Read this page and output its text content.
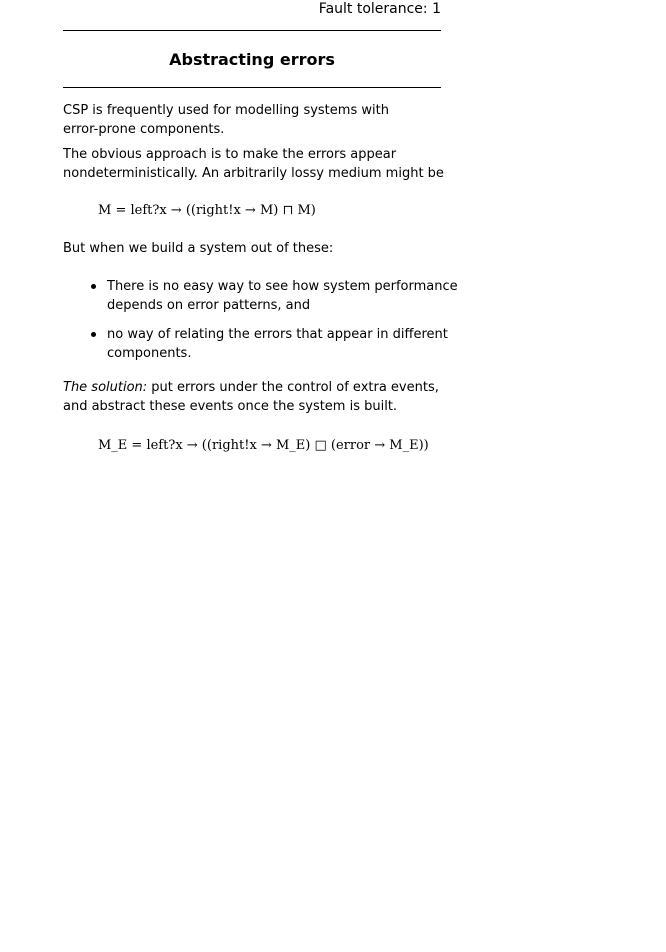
Fault tolerance: 1
Abstracting errors
CSP is frequently used for modelling systems with
error-prone components.
The obvious approach is to make the errors appear
nondeterministically. An arbitrarily lossy medium might be
M = left?x → ((right!x → M) ⊓ M)
But when we build a system out of these:
There is no easy way to see how system performance
depends on error patterns, and
no way of relating the errors that appear in different
components.
The solution: put errors under the control of extra events,
and abstract these events once the system is built.
M_E = left?x → ((right!x → M_E) □ (error → M_E))
